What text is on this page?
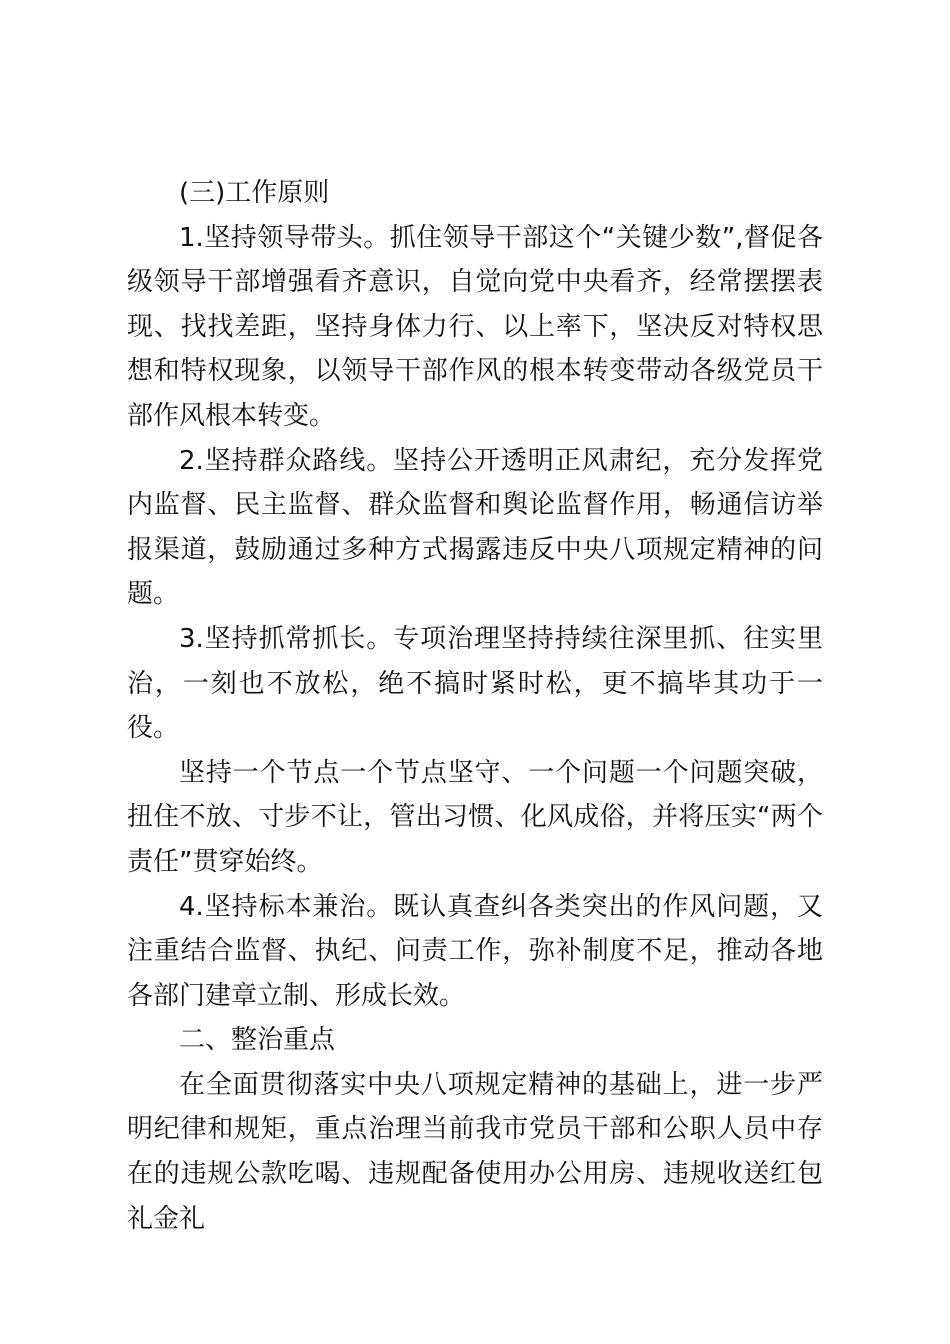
(三)工作原则

1.坚持领导带头。抓住领导干部这个“关键少数”,督促各级领导干部增强看齐意识，自觉向党中央看齐，经常摆摆表现、找找差距，坚持身体力行、以上率下，坚决反对特权思想和特权现象，以领导干部作风的根本转变带动各级党员干部作风根本转变。

2.坚持群众路线。坚持公开透明正风肃纪，充分发挥党内监督、民主监督、群众监督和舆论监督作用，畅通信访举报渠道，鼓励通过多种方式揭露违反中央八项规定精神的问题。

3.坚持抓常抓长。专项治理坚持持续往深里抓、往实里治，一刻也不放松，绝不搞时紧时松，更不搞毕其功于一役。

坚持一个节点一个节点坚守、一个问题一个问题突破，扭住不放、寸步不让，管出习惯、化风成俗，并将压实“两个责任”贯穿始终。

4.坚持标本兼治。既认真查纠各类突出的作风问题，又注重结合监督、执纪、问责工作，弥补制度不足，推动各地各部门建章立制、形成长效。

二、整治重点

在全面贯彻落实中央八项规定精神的基础上，进一步严明纪律和规矩，重点治理当前我市党员干部和公职人员中存在的违规公款吃喝、违规配备使用办公用房、违规收送红包礼金礼
